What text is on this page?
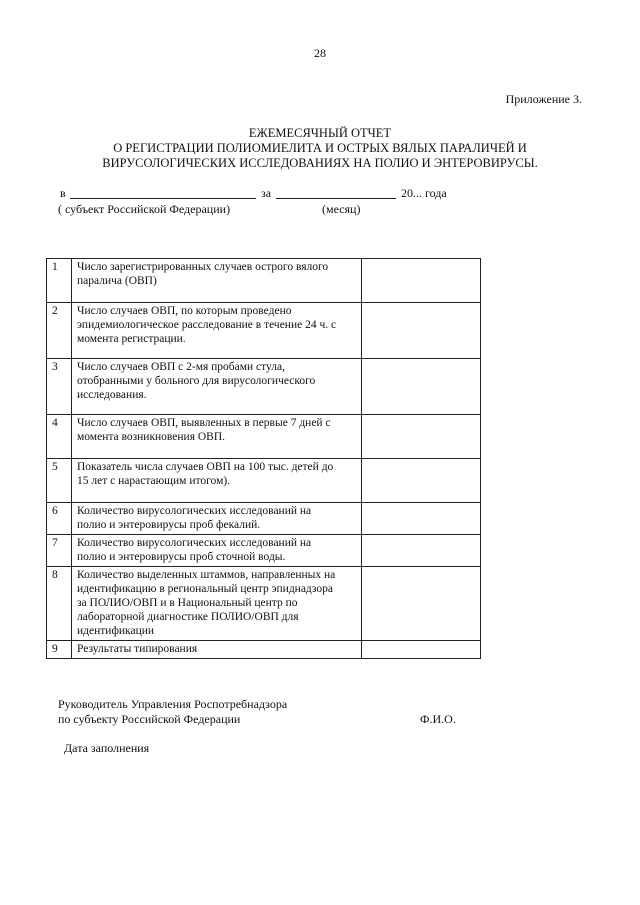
28
Приложение 3.
ЕЖЕМЕСЯЧНЫЙ ОТЧЕТ
О РЕГИСТРАЦИИ ПОЛИОМИЕЛИТА И ОСТРЫХ ВЯЛЫХ ПАРАЛИЧЕЙ И
ВИРУСОЛОГИЧЕСКИХ ИССЛЕДОВАНИЯХ НА ПОЛИО И ЭНТЕРОВИРУСЫ.
в	за	20... года
( субъект Российской Федерации)	(месяц)
1	Число зарегистрированных случаев острого вялого
паралича (ОВП)	

2	Число случаев ОВП, по которым проведено
эпидемиологическое расследование в течение 24 ч. с
момента регистрации.	

3	Число случаев ОВП с 2-мя пробами стула,
отобранными у больного для вирусологического
исследования.	

4	Число случаев ОВП, выявленных в первые 7 дней с
момента возникновения ОВП.	

5	Показатель числа случаев ОВП на 100 тыс. детей до
15 лет с нарастающим итогом).	

6	Количество вирусологических исследований на
полио и энтеровирусы проб фекалий.	

7	Количество вирусологических исследований на
полио и энтеровирусы проб сточной воды.	

8	Количество выделенных штаммов, направленных на
идентификацию в региональный центр эпиднадзора
за ПОЛИО/ОВП и в Национальный центр по
лабораторной диагностике ПОЛИО/ОВП для
идентификации	

9	Результаты типирования	

Руководитель Управления Роспотребнадзора
по субъекту Российской Федерации	Ф.И.О.
Дата заполнения
